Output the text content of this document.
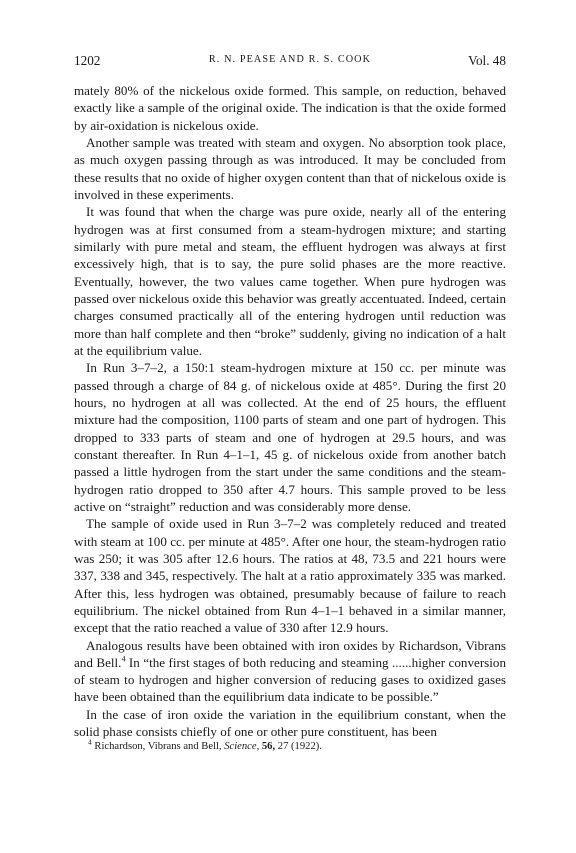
1202	R. N. PEASE AND R. S. COOK	Vol. 48

mately 80% of the nickelous oxide formed. This sample, on reduction, behaved exactly like a sample of the original oxide. The indication is that the oxide formed by air-oxidation is nickelous oxide.

Another sample was treated with steam and oxygen. No absorption took place, as much oxygen passing through as was introduced. It may be concluded from these results that no oxide of higher oxygen content than that of nickelous oxide is involved in these experiments.

It was found that when the charge was pure oxide, nearly all of the entering hydrogen was at first consumed from a steam-hydrogen mixture; and starting similarly with pure metal and steam, the effluent hydrogen was always at first excessively high, that is to say, the pure solid phases are the more reactive. Eventually, however, the two values came together. When pure hydrogen was passed over nickelous oxide this behavior was greatly accentuated. Indeed, certain charges consumed practically all of the entering hydrogen until reduction was more than half complete and then “broke” suddenly, giving no indication of a halt at the equilibrium value.

In Run 3–7–2, a 150:1 steam-hydrogen mixture at 150 cc. per minute was passed through a charge of 84 g. of nickelous oxide at 485°. During the first 20 hours, no hydrogen at all was collected. At the end of 25 hours, the effluent mixture had the composition, 1100 parts of steam and one part of hydrogen. This dropped to 333 parts of steam and one of hydrogen at 29.5 hours, and was constant thereafter. In Run 4–1–1, 45 g. of nickelous oxide from another batch passed a little hydrogen from the start under the same conditions and the steam-hydrogen ratio dropped to 350 after 4.7 hours. This sample proved to be less active on “straight” reduction and was considerably more dense.

The sample of oxide used in Run 3–7–2 was completely reduced and treated with steam at 100 cc. per minute at 485°. After one hour, the steam-hydrogen ratio was 250; it was 305 after 12.6 hours. The ratios at 48, 73.5 and 221 hours were 337, 338 and 345, respectively. The halt at a ratio approximately 335 was marked. After this, less hydrogen was obtained, presumably because of failure to reach equilibrium. The nickel obtained from Run 4–1–1 behaved in a similar manner, except that the ratio reached a value of 330 after 12.9 hours.

Analogous results have been obtained with iron oxides by Richardson, Vibrans and Bell.$^4$ In “the first stages of both reducing and steaming ......higher conversion of steam to hydrogen and higher conversion of reducing gases to oxidized gases have been obtained than the equilibrium data indicate to be possible.”

In the case of iron oxide the variation in the equilibrium constant, when the solid phase consists chiefly of one or other pure constituent, has been

$^4$ Richardson, Vibrans and Bell, Science, 56, 27 (1922).
